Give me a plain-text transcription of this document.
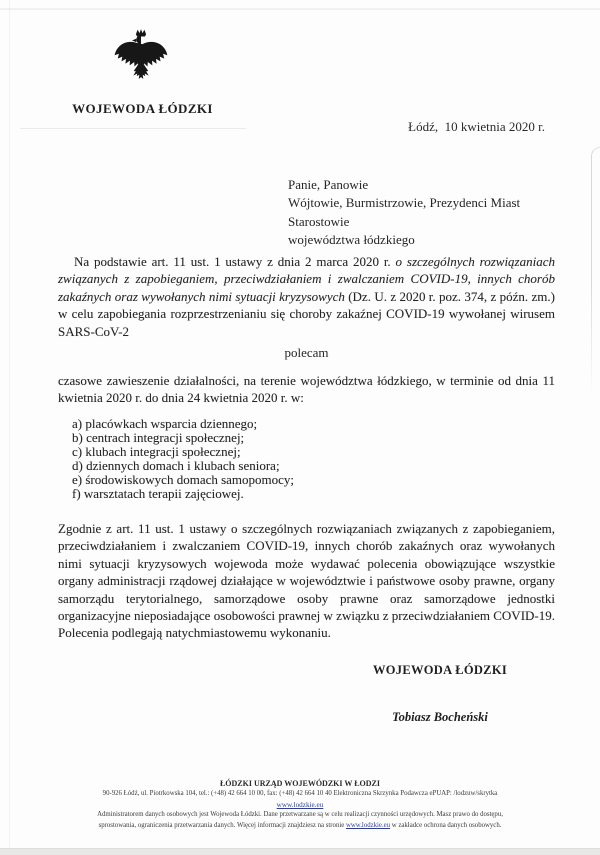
WOJEWODA ŁÓDZKI
Łódź,  10 kwietnia 2020 r.
Panie, Panowie
Wójtowie, Burmistrzowie, Prezydenci Miast
Starostowie
województwa łódzkiego
Na podstawie art. 11 ust. 1 ustawy z dnia 2 marca 2020 r. o szczególnych rozwiązaniach związanych z zapobieganiem, przeciwdziałaniem i zwalczaniem COVID-19, innych chorób zakaźnych oraz wywołanych nimi sytuacji kryzysowych (Dz. U. z 2020 r. poz. 374, z późn. zm.) w celu zapobiegania rozprzestrzenianiu się choroby zakaźnej COVID-19 wywołanej wirusem SARS-CoV-2
polecam
czasowe zawieszenie działalności, na terenie województwa łódzkiego, w terminie od dnia 11 kwietnia 2020 r. do dnia 24 kwietnia 2020 r. w:
a) placówkach wsparcia dziennego;
b) centrach integracji społecznej;
c) klubach integracji społecznej;
d) dziennych domach i klubach seniora;
e) środowiskowych domach samopomocy;
f) warsztatach terapii zajęciowej.
Zgodnie z art. 11 ust. 1 ustawy o szczególnych rozwiązaniach związanych z zapobieganiem, przeciwdziałaniem i zwalczaniem COVID-19, innych chorób zakaźnych oraz wywołanych nimi sytuacji kryzysowych wojewoda może wydawać polecenia obowiązujące wszystkie organy administracji rządowej działające w województwie i państwowe osoby prawne, organy samorządu terytorialnego, samorządowe osoby prawne oraz samorządowe jednostki organizacyjne nieposiadające osobowości prawnej w związku z przeciwdziałaniem COVID-19. Polecenia podlegają natychmiastowemu wykonaniu.
WOJEWODA ŁÓDZKI
Tobiasz Bocheński
ŁÓDZKI URZĄD WOJEWÓDZKI W ŁODZI
90-926 Łódź, ul. Piotrkowska 104, tel.: (+48) 42 664 10 00, fax: (+48) 42 664 10 40 Elektroniczna Skrzynka Podawcza ePUAP: /lodzuw/skrytka
www.lodzkie.eu
Administratorem danych osobowych jest Wojewoda Łódzki. Dane przetwarzane są w celu realizacji czynności urzędowych. Masz prawo do dostępu,
sprostowania, ograniczenia przetwarzania danych. Więcej informacji znajdziesz na stronie www.lodzkie.eu w zakładce ochrona danych osobowych.
